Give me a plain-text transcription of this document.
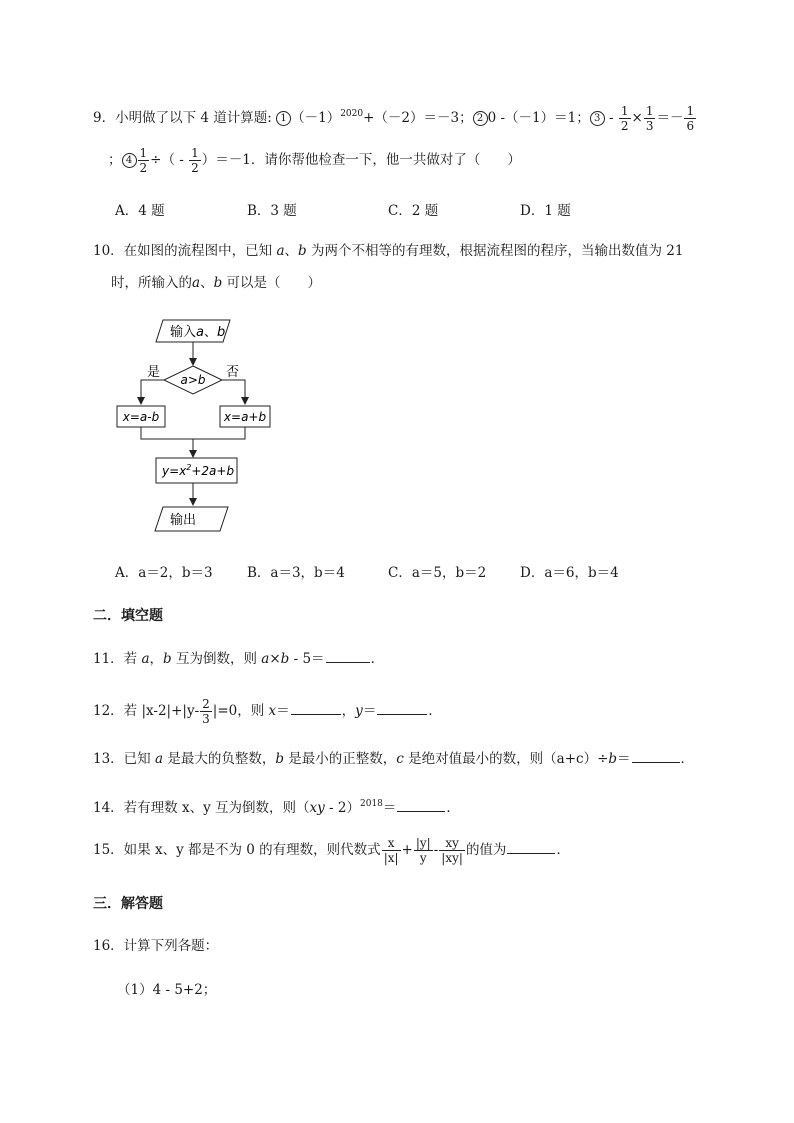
9．小明做了以下 4 道计算题: 1 $(-1)^{2020}+(-2)=-3$； 2 0 -（－1）＝1； $3 - \frac{1}{2} \times \frac{1}{3} =- \frac{1}{6}$
； $4 \frac{1}{2}$ ÷（ - $\frac{1}{2} )=-1$．请你帮他检查一下，他一共做对了（　　）
A．4 题	B．3 题	C．2 题	D．1 题
10．在如图的流程图中，已知 a、b 为两个不相等的有理数，根据流程图的程序，当输出数值为 21
时，所输入的a、b 可以是（　　）
输入a、b
a>b
是	否
x=a-b	x=a+b
$y=x^2+2a+b$
输出
A．a＝2，b＝3	B．a＝3，b＝4	C．a＝5，b＝2	D．a＝6，b＝4
二．填空题
11．若 a，b 互为倒数，则 a×b - 5＝	．
12．若 $|x-2|+|y- \frac{2}{3} |=0$，则 x＝	，y＝	．
13．已知 a 是最大的负整数，b 是最小的正整数，c 是绝对值最小的数，则（a+c）÷b＝	．
14．若有理数 x、y 互为倒数，则（xy - 2）$^{2018}$＝	．
15．如果 x、y 都是不为 0 的有理数，则代数式 $\frac{x}{|x|} + \frac{|y|}{y} - \frac{xy}{|xy|}$ 的值为	．
三．解答题
16．计算下列各题：
（1）4 - 5+2；
